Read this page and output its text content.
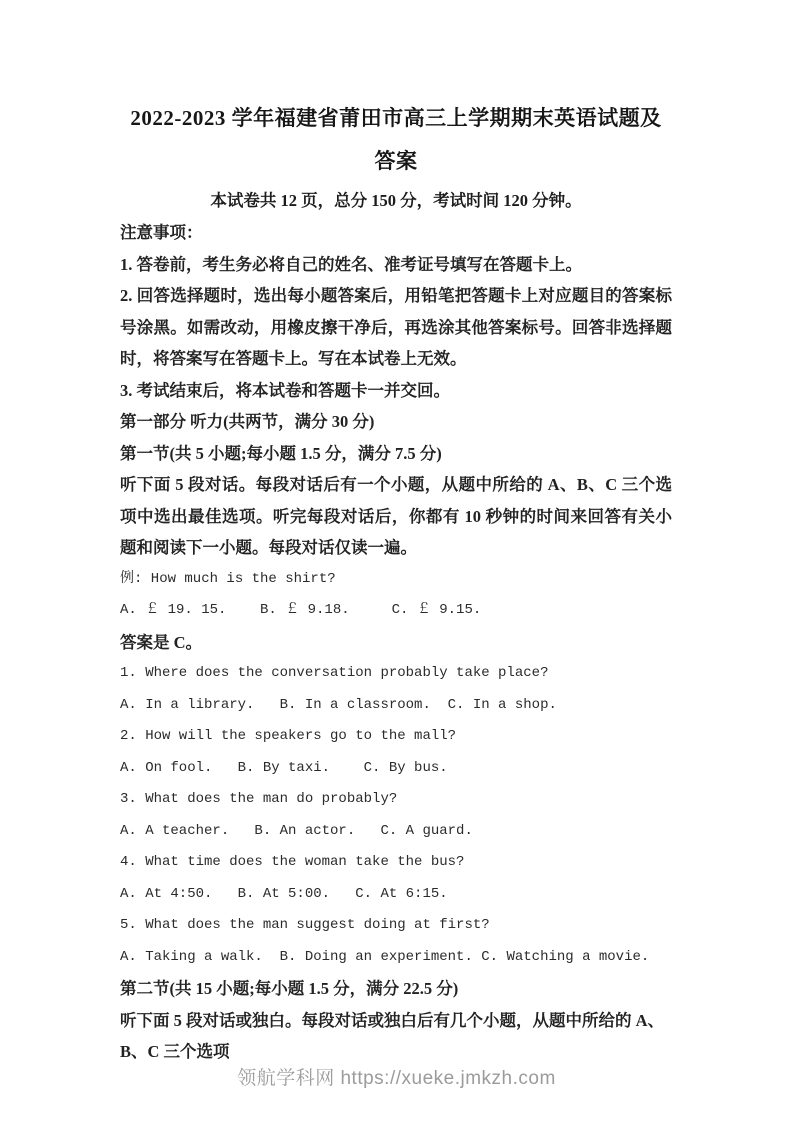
2022-2023 学年福建省莆田市高三上学期期末英语试题及答案

本试卷共 12 页，总分 150 分，考试时间 120 分钟。

注意事项：

1. 答卷前，考生务必将自己的姓名、准考证号填写在答题卡上。

2. 回答选择题时，选出每小题答案后，用铅笔把答题卡上对应题目的答案标号涂黑。如需改动，用橡皮擦干净后，再选涂其他答案标号。回答非选择题时，将答案写在答题卡上。写在本试卷上无效。

3. 考试结束后，将本试卷和答题卡一并交回。

第一部分 听力(共两节，满分 30 分)

第一节(共 5 小题;每小题 1.5 分，满分 7.5 分)

听下面 5 段对话。每段对话后有一个小题，从题中所给的 A、B、C 三个选项中选出最佳选项。听完每段对话后，你都有 10 秒钟的时间来回答有关小题和阅读下一小题。每段对话仅读一遍。

例: How much is the shirt?

A. ￡ 19. 15.    B. ￡ 9.18.     C. ￡ 9.15.

答案是 C。

1. Where does the conversation probably take place?

A. In a library.   B. In a classroom.  C. In a shop.

2. How will the speakers go to the mall?

A. On fool.   B. By taxi.    C. By bus.

3. What does the man do probably?

A. A teacher.   B. An actor.   C. A guard.

4. What time does the woman take the bus?

A. At 4:50.   B. At 5:00.   C. At 6:15.

5. What does the man suggest doing at first?

A. Taking a walk.  B. Doing an experiment. C. Watching a movie.

第二节(共 15 小题;每小题 1.5 分，满分 22.5 分)

听下面 5 段对话或独白。每段对话或独白后有几个小题，从题中所给的 A、B、C 三个选项

领航学科网 https://xueke.jmkzh.com
